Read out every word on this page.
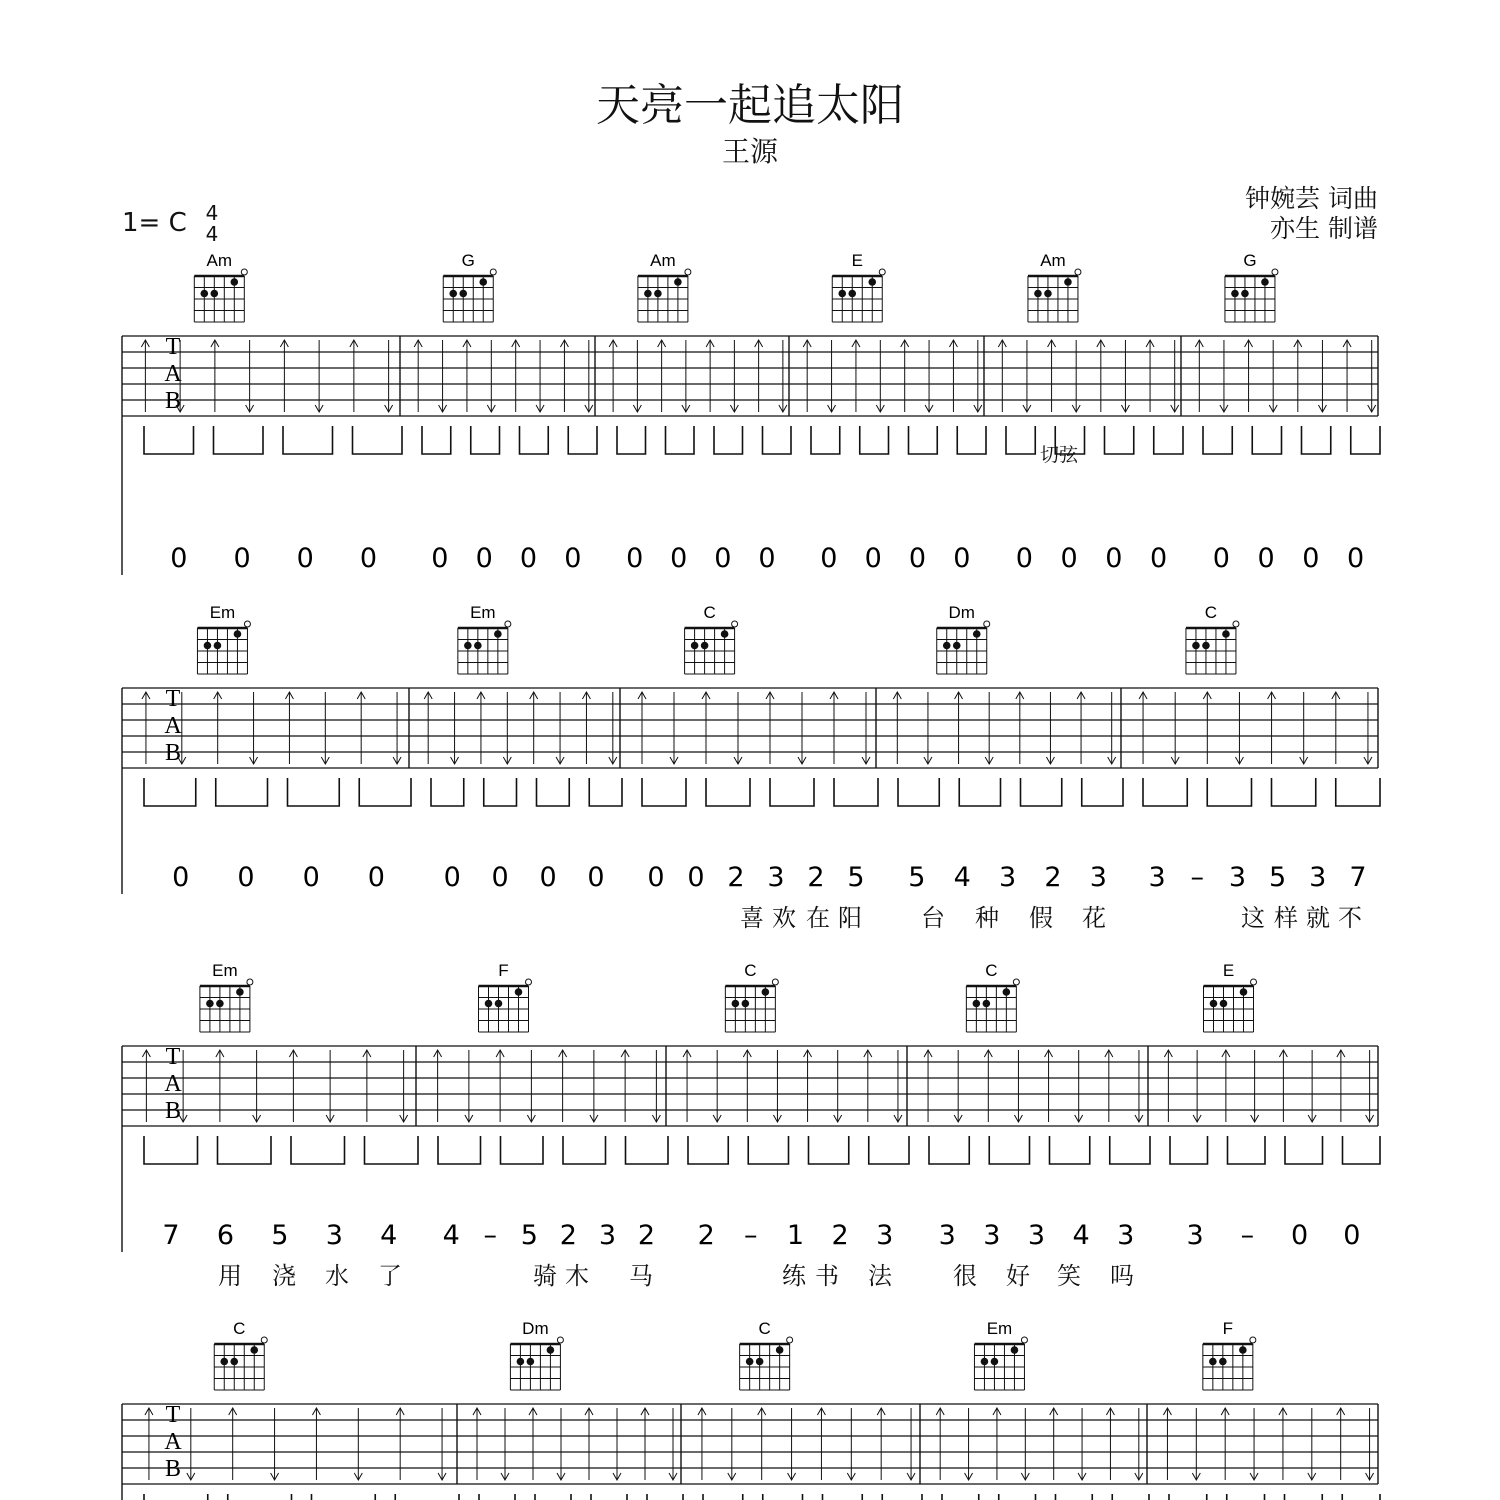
天亮一起追太阳
王源
钟婉芸 词曲
亦生 制谱
1= C 4
4
T
A
B
Am	G	Am	E	Am	G
0 0 0 0 0 0 0 0 0 0 0 0 0 0 0 0 0 0 0 0 0 0 0 0
T
A
B
Em	Em	C	Dm	C
0 0 0 0 0 0 0 0 0 0 2 3 2 5 5 4 3 2 3 3 – 3 5 3 7
T
A
B
Em	F	C	C	E
7 6 5 3 4 4 – 5 2 3 2 2 – 1 2 3 3 3 3 4 3 3 – 0 0
T
A
B
C	Dm	C	Em	F
喜 欢 在 阳 台 种 假 花	这 样 就 不
用 浇 水 了	骑 木 马	练 书 法	很 好 笑 吗
切弦
